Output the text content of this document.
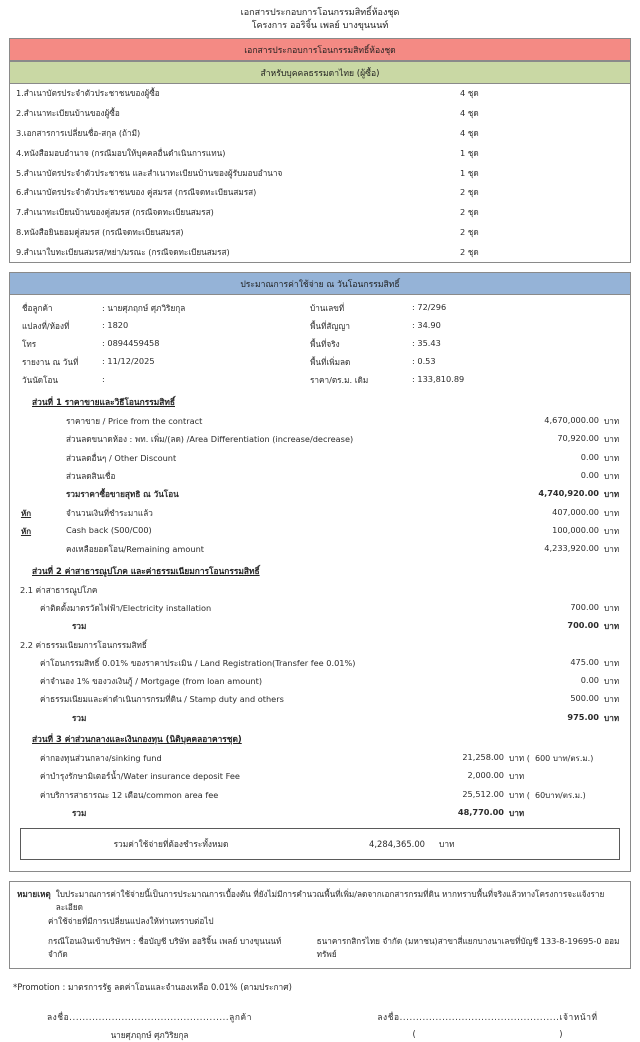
เอกสารประกอบการโอนกรรมสิทธิ์ห้องชุด
โครงการ ออริจิ้น เพลย์ บางขุนนนท์
เอกสารประกอบการโอนกรรมสิทธิ์ห้องชุด
สำหรับบุคคลธรรมดาไทย (ผู้ซื้อ)
1.สำเนาบัตรประจำตัวประชาชนของผู้ซื้อ	4 ชุด
2.สำเนาทะเบียนบ้านของผู้ซื้อ	4 ชุด
3.เอกสารการเปลี่ยนชื่อ-สกุล (ถ้ามี)	4 ชุด
4.หนังสือมอบอำนาจ (กรณีมอบให้บุคคลอื่นดำเนินการแทน)	1 ชุด
5.สำเนาบัตรประจำตัวประชาชน และสำเนาทะเบียนบ้านของผู้รับมอบอำนาจ	1 ชุด
6.สำเนาบัตรประจำตัวประชาชนของ คู่สมรส (กรณีจดทะเบียนสมรส)	2 ชุด
7.สำเนาทะเบียนบ้านของคู่สมรส (กรณีจดทะเบียนสมรส)	2 ชุด
8.หนังสือยินยอมคู่สมรส (กรณีจดทะเบียนสมรส)	2 ชุด
9.สำเนาใบทะเบียนสมรส/หย่า/มรณะ (กรณีจดทะเบียนสมรส)	2 ชุด
ประมาณการค่าใช้จ่าย ณ วันโอนกรรมสิทธิ์
ชื่อลูกค้า	: นายศุภฤกษ์ ศุภวิริยกุล	บ้านเลขที่	: 72/296
แปลงที่/ห้องที่	: 1820	พื้นที่สัญญา	: 34.90
โทร	: 0894459458	พื้นที่จริง	: 35.43
รายงาน ณ วันที่	: 11/12/2025	พื้นที่เพิ่มลด	: 0.53
วันนัดโอน	:	ราคา/ตร.ม. เดิม	: 133,810.89
ส่วนที่ 1 ราคาขายและวิธีโอนกรรมสิทธิ์
	ราคาขาย / Price from the contract	4,670,000.00	บาท
	ส่วนลดขนาดห้อง : พท. เพิ่ม/(ลด) /Area Differentiation (increase/decrease)	70,920.00	บาท
	ส่วนลดอื่นๆ / Other Discount	0.00	บาท
	ส่วนลดสินเชื่อ	0.00	บาท
	รวมราคาซื้อขายสุทธิ ณ วันโอน	4,740,920.00	บาท
หัก	จำนวนเงินที่ชำระมาแล้ว	407,000.00	บาท
หัก	Cash back (S00/C00)	100,000.00	บาท
	คงเหลือยอดโอน/Remaining amount	4,233,920.00	บาท
ส่วนที่ 2 ค่าสาธารณูปโภค และค่าธรรมเนียมการโอนกรรมสิทธิ์
2.1 ค่าสาธารณูปโภค
ค่าติดตั้งมาตรวัดไฟฟ้า/Electricity installation	700.00	บาท
รวม	700.00	บาท
2.2 ค่าธรรมเนียมการโอนกรรมสิทธิ์
ค่าโอนกรรมสิทธิ์ 0.01% ของราคาประเมิน / Land Registration(Transfer fee 0.01%)	475.00	บาท
ค่าจำนอง 1% ของวงเงินกู้ / Mortgage (from loan amount)	0.00	บาท
ค่าธรรมเนียมและค่าดำเนินการกรมที่ดิน / Stamp duty and others	500.00	บาท
รวม	975.00	บาท
ส่วนที่ 3 ค่าส่วนกลางและเงินกองทุน (นิติบุคคลอาคารชุด)
ค่ากองทุนส่วนกลาง/sinking fund	21,258.00	บาท (	600 บาท/ตร.ม.)
ค่าบำรุงรักษามิเตอร์น้ำ/Water insurance deposit Fee	2,000.00	บาท	
ค่าบริการสาธารณะ 12 เดือน/common area fee	25,512.00	บาท (	60บาท/ตร.ม.)
รวม	48,770.00	บาท	
รวมค่าใช้จ่ายที่ต้องชำระทั้งหมด	4,284,365.00	บาท
หมายเหตุ ใบประมาณการค่าใช้จ่ายนี้เป็นการประมาณการเบื้องต้น ที่ยังไม่มีการคำนวณพื้นที่เพิ่ม/ลดจากเอกสารกรมที่ดิน หากทราบพื้นที่จริงแล้วทางโครงการจะแจ้งรายละเอียด
ค่าใช้จ่ายที่มีการเปลี่ยนแปลงให้ท่านทราบต่อไป
กรณีโอนเงินเข้าบริษัทฯ : ชื่อบัญชี บริษัท ออริจิ้น เพลย์ บางขุนนนท์ จำกัด
ธนาคารกสิกรไทย จำกัด (มหาชน)สาขาสี่แยกบางนาเลขที่บัญชี 133-8-19695-0 ออมทรัพย์
*Promotion : มาตรการรัฐ ลดค่าโอนและจำนองเหลือ 0.01% (ตามประกาศ)
ลงชื่อ.................................................ลูกค้า
นายศุภฤกษ์ ศุภวิริยกุล
ลงชื่อ.................................................เจ้าหน้าที่
(	)
